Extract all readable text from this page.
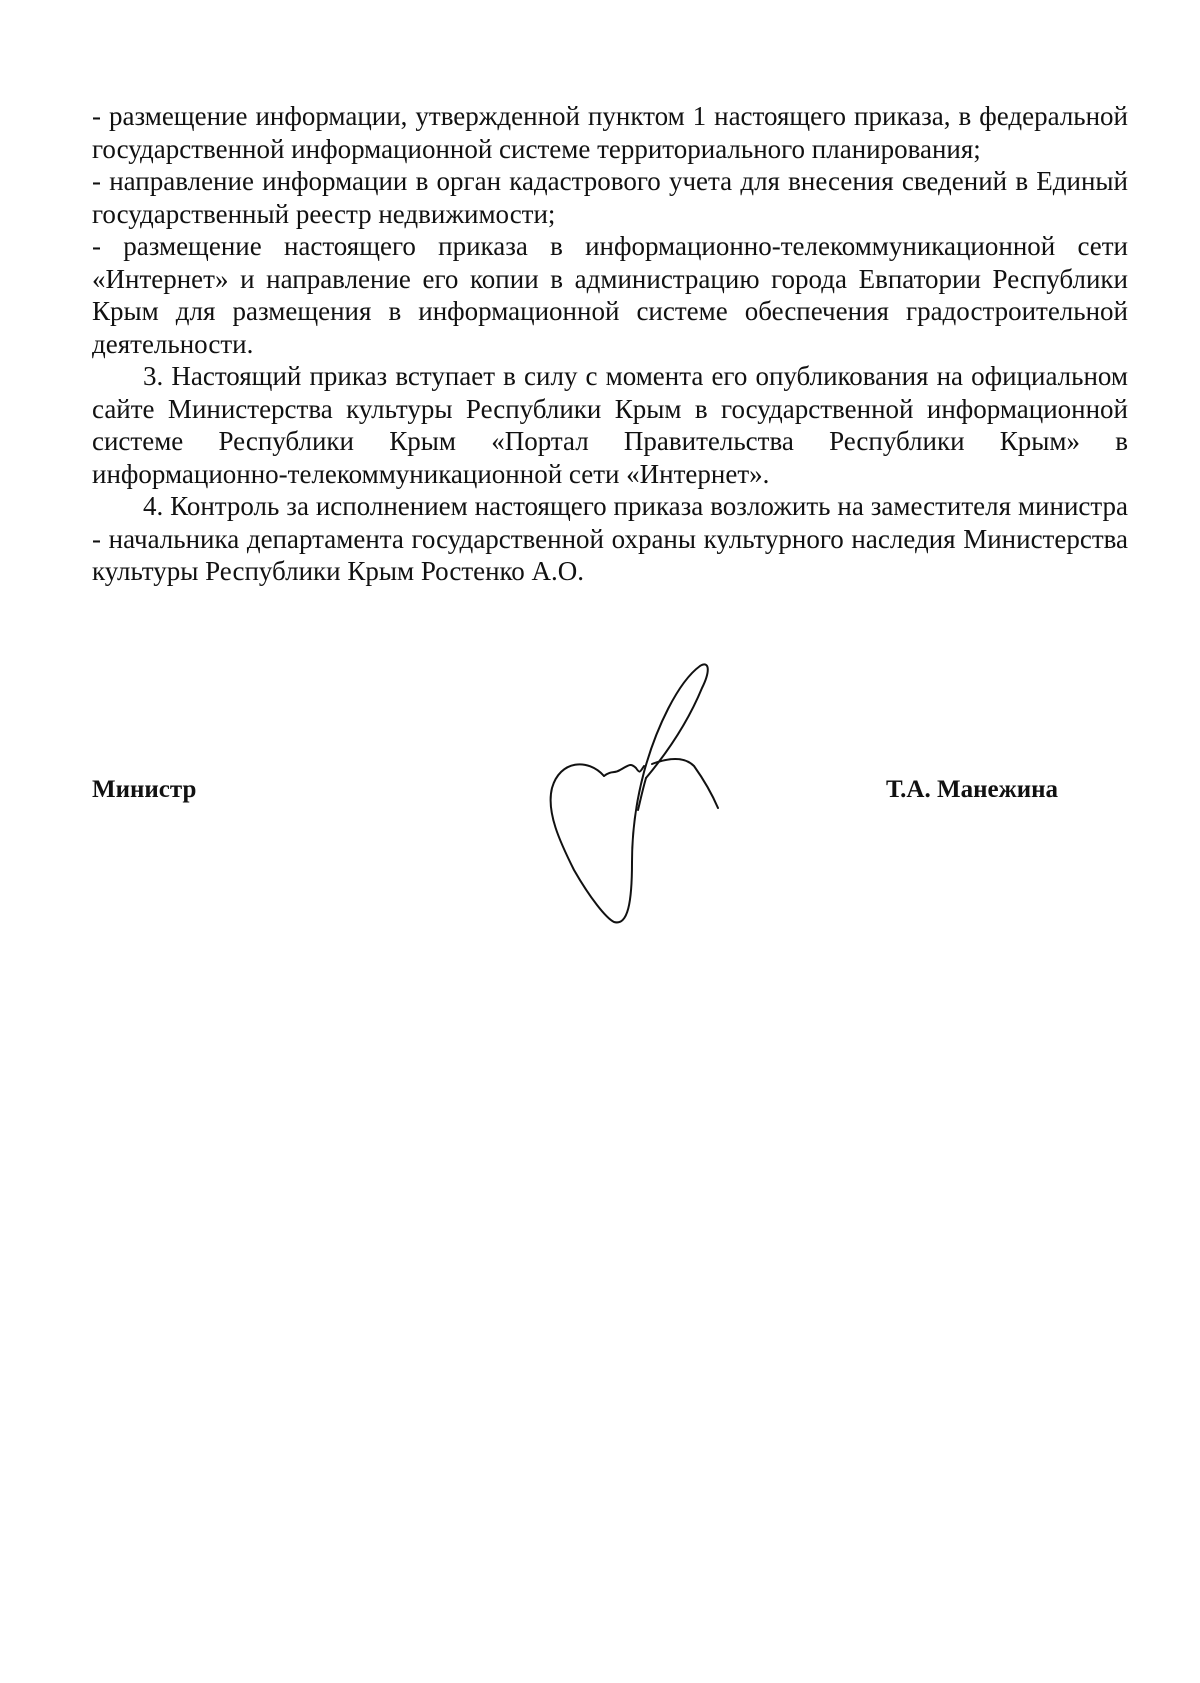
- размещение информации, утвержденной пунктом 1 настоящего приказа, в федеральной государственной информационной системе территориального планирования;

- направление информации в орган кадастрового учета для внесения сведений в Единый государственный реестр недвижимости;

- размещение настоящего приказа в информационно-телекоммуникационной сети «Интернет» и направление его копии в администрацию города Евпатории Республики Крым для размещения в информационной системе обеспечения градостроительной деятельности.

3. Настоящий приказ вступает в силу с момента его опубликования на официальном сайте Министерства культуры Республики Крым в государственной информационной системе Республики Крым «Портал Правительства Республики Крым» в информационно-телекоммуникационной сети «Интернет».

4. Контроль за исполнением настоящего приказа возложить на заместителя министра - начальника департамента государственной охраны культурного наследия Министерства культуры Республики Крым Ростенко А.О.

Министр	Т.А. Манежина
